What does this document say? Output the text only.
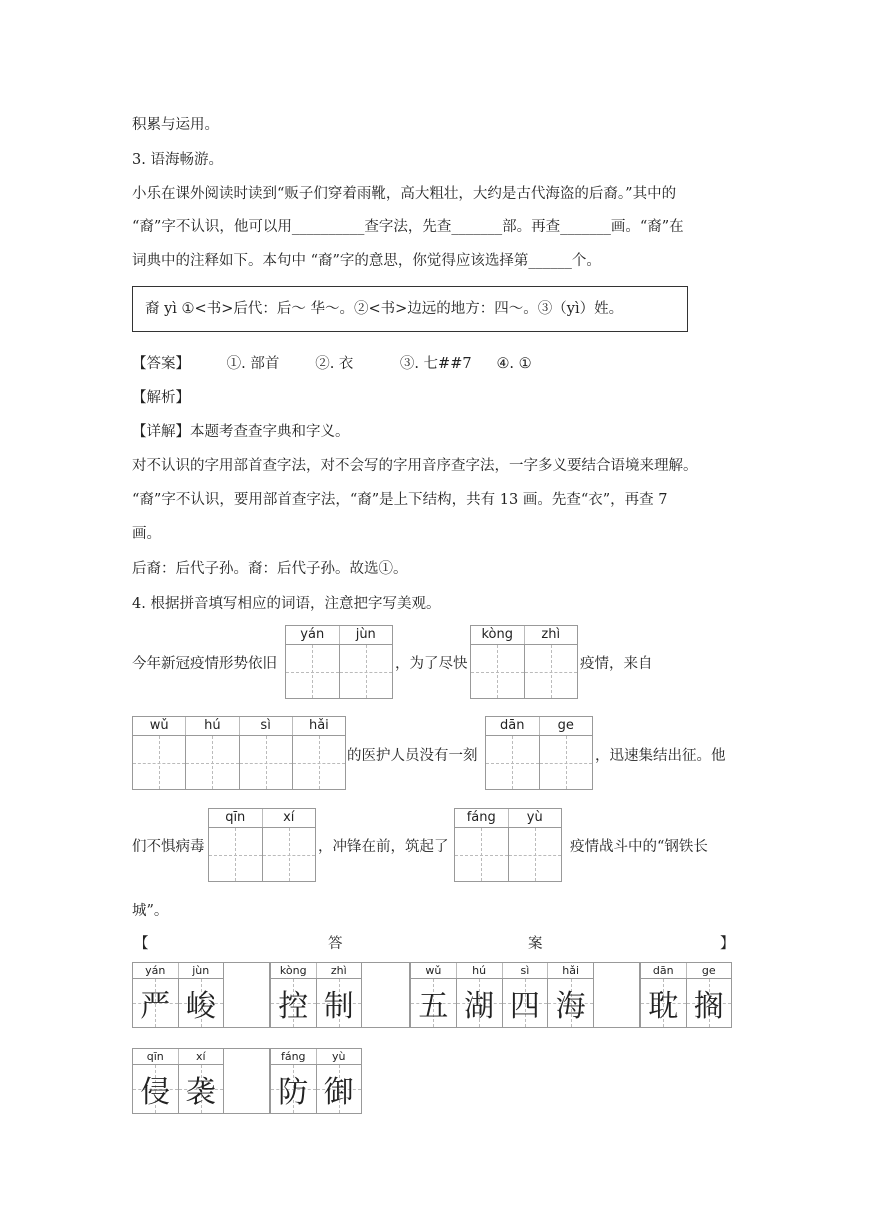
积累与运用。
3. 语海畅游。
小乐在课外阅读时读到“贩子们穿着雨靴，高大粗壮，大约是古代海盗的后裔。”其中的
“裔”字不认识，他可以用__________查字法，先查_______部。再查_______画。“裔”在
词典中的注释如下。本句中 “裔”字的意思，你觉得应该选择第______个。
裔 yì ①<书>后代：后～ 华～。②<书>边远的地方：四～。③（yì）姓。
【答案】	①. 部首 ②. 衣	③. 七##7 ④. ①
【解析】
【详解】本题考查查字典和字义。
对不认识的字用部首查字法，对不会写的字用音序查字法，一字多义要结合语境来理解。
“裔”字不认识，要用部首查字法，“裔”是上下结构，共有 13 画。先查“衣”，再查 7
画。
后裔：后代子孙。裔：后代子孙。故选①。
4. 根据拼音填写相应的词语，注意把字写美观。
今年新冠疫情形势依旧
yán	jùn
，为了尽快
kòng	zhì
疫情，来自
wǔ	hú	sì	hǎi
的医护人员没有一刻
dān	ge
，迅速集结出征。他
们不惧病毒
qīn	xí
，冲锋在前，筑起了
fáng	yù
疫情战斗中的“钢铁长
城”。
【	答	案	】
yán	jùn
严 峻
kòng	zhì
控 制
wǔ	hú	sì	hǎi
五 湖 四 海
dān	ge
耽 搁
qīn	xí
侵 袭
fáng	yù
防 御
